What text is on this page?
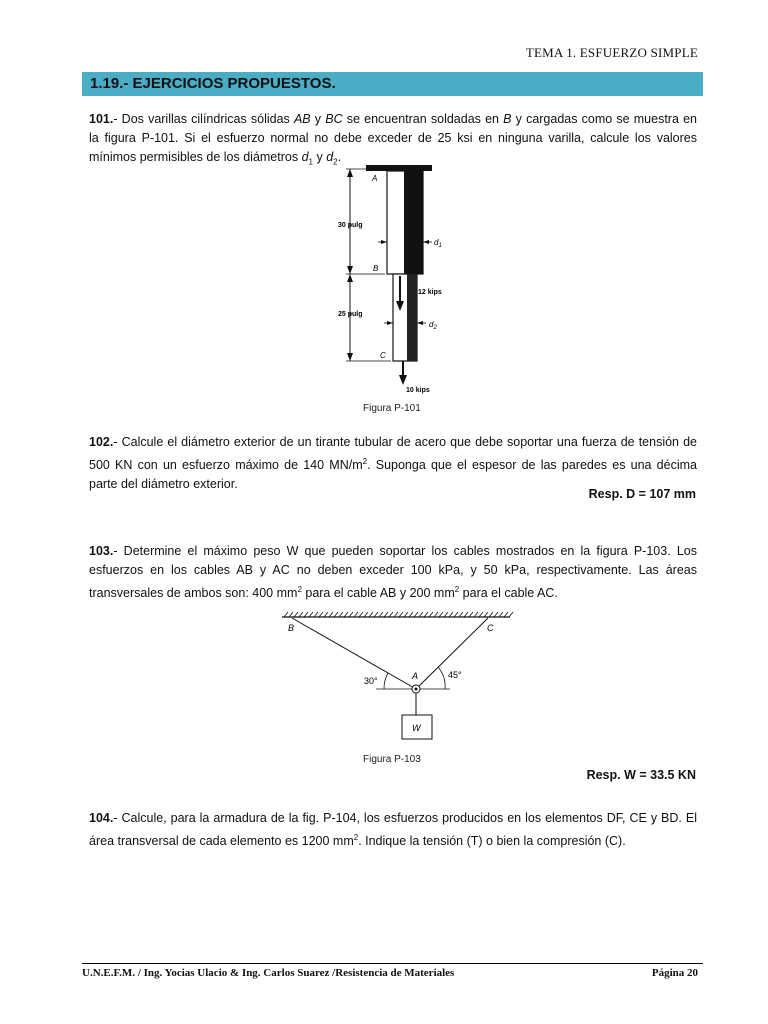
TEMA 1. ESFUERZO SIMPLE
1.19.- EJERCICIOS PROPUESTOS.
101.- Dos varillas cilíndricas sólidas AB y BC se encuentran soldadas en B y cargadas como se muestra en la figura P-101. Si el esfuerzo normal no debe exceder de 25 ksi en ninguna varilla, calcule los valores mínimos permisibles de los diámetros $d_1$ y $d_2$.
A
B
C
30 pulg
25 pulg
$d_1$
$d_2$
12 kips
10 kips
Figura P-101
102.- Calcule el diámetro exterior de un tirante tubular de acero que debe soportar una fuerza de tensión de 500 KN con un esfuerzo máximo de 140 $MN/m^2$. Suponga que el espesor de las paredes es una décima parte del diámetro exterior.
Resp. D = 107 mm
103.- Determine el máximo peso W que pueden soportar los cables mostrados en la figura P-103. Los esfuerzos en los cables AB y AC no deben exceder 100 kPa, y 50 kPa, respectivamente. Las áreas transversales de ambos son: 400 $mm^2$ para el cable AB y 200 $mm^2$ para el cable AC.
B	C
A
30°
45°
W
Figura P-103
Resp. W = 33.5 KN
104.- Calcule, para la armadura de la fig. P-104, los esfuerzos producidos en los elementos DF, CE y BD. El área transversal de cada elemento es 1200 $mm^2$. Indique la tensión (T) o bien la compresión (C).
U.N.E.F.M. / Ing. Yocias Ulacio & Ing. Carlos Suarez /Resistencia de Materiales	Página 20
